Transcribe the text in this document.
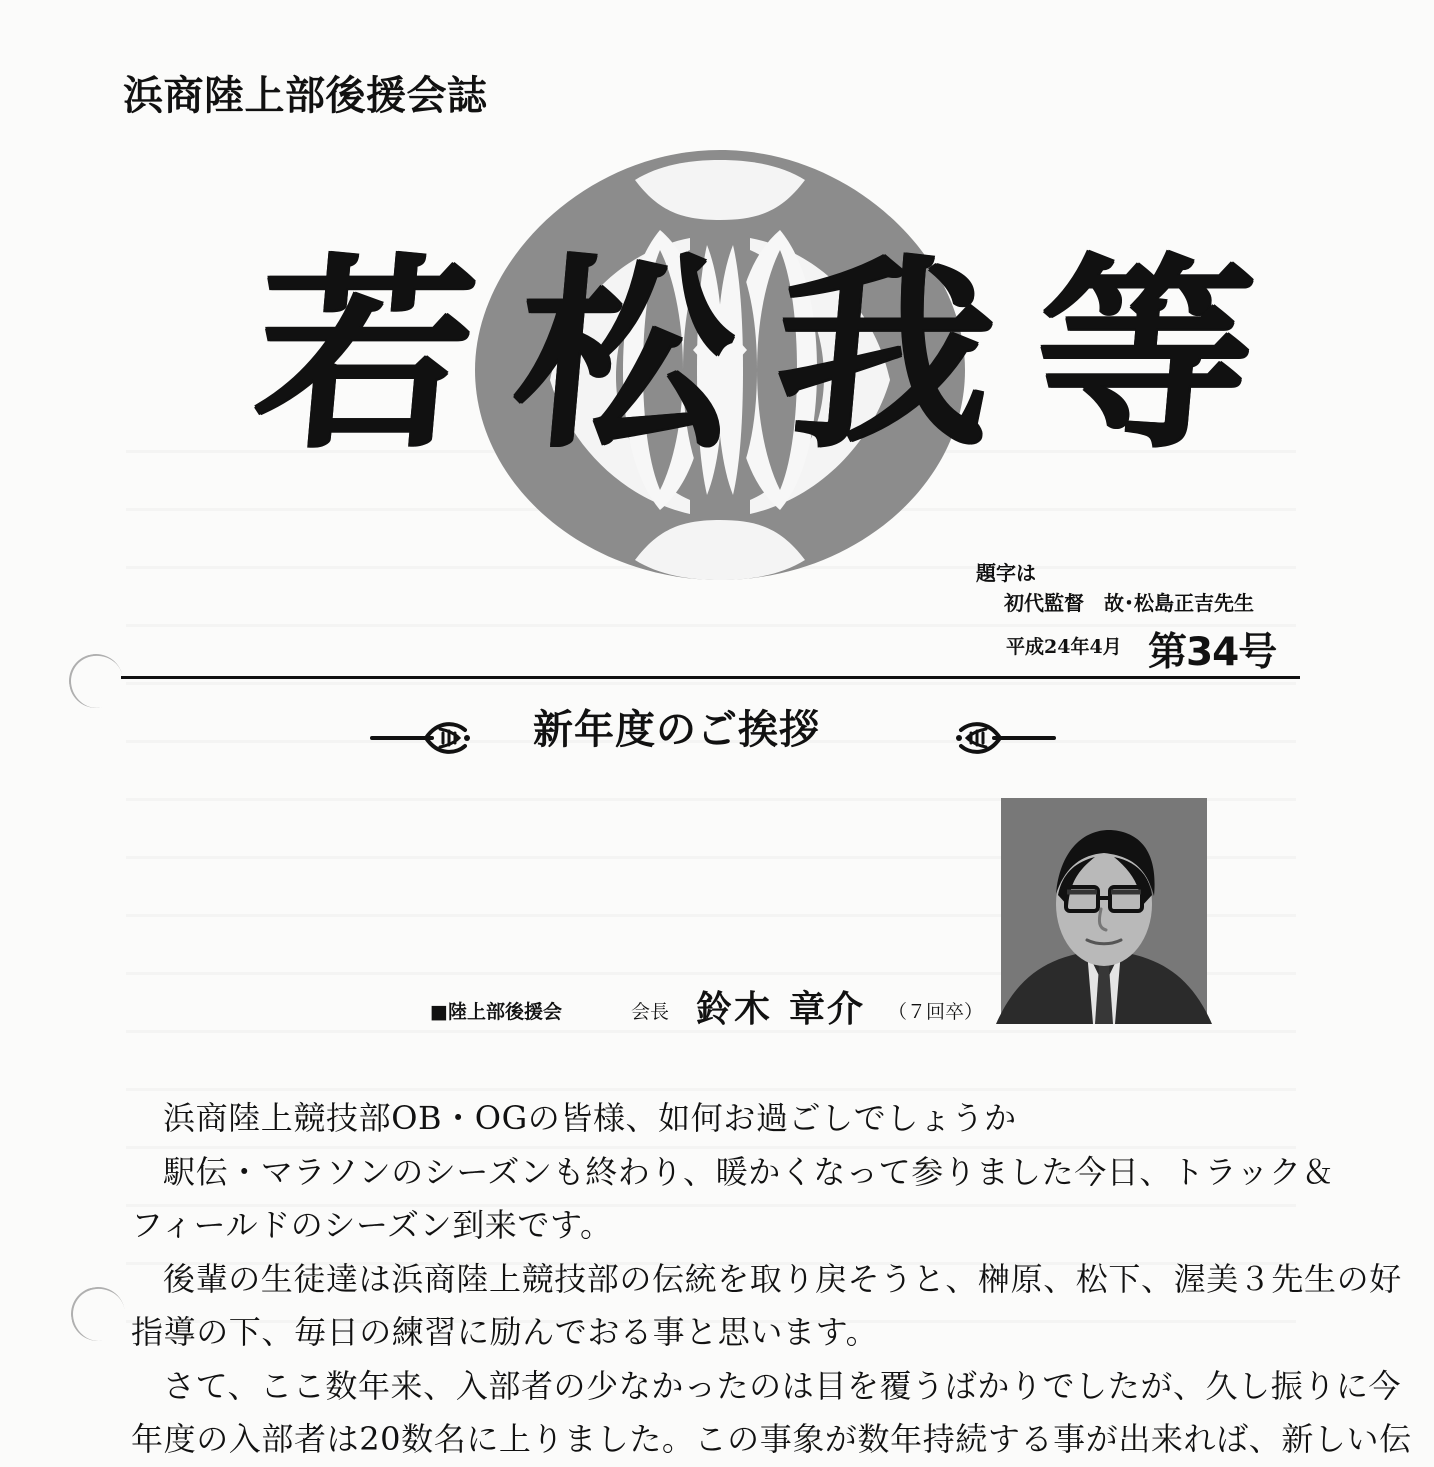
浜商陸上部後援会誌
若 松 我 等
題字は
初代監督　故･松島正吉先生
平成24年4月 第34号
新年度のご挨拶
■陸上部後援会	会長 鈴木 章介 （７回卒）
浜商陸上競技部OB・OGの皆様、如何お過ごしでしょうか
駅伝・マラソンのシーズンも終わり、暖かくなって参りました今日、トラック＆
フィールドのシーズン到来です。
後輩の生徒達は浜商陸上競技部の伝統を取り戻そうと、榊原、松下、渥美３先生の好
指導の下、毎日の練習に励んでおる事と思います。
さて、ここ数年来、入部者の少なかったのは目を覆うばかりでしたが、久し振りに今
年度の入部者は20数名に上りました。この事象が数年持続する事が出来れば、新しい伝
